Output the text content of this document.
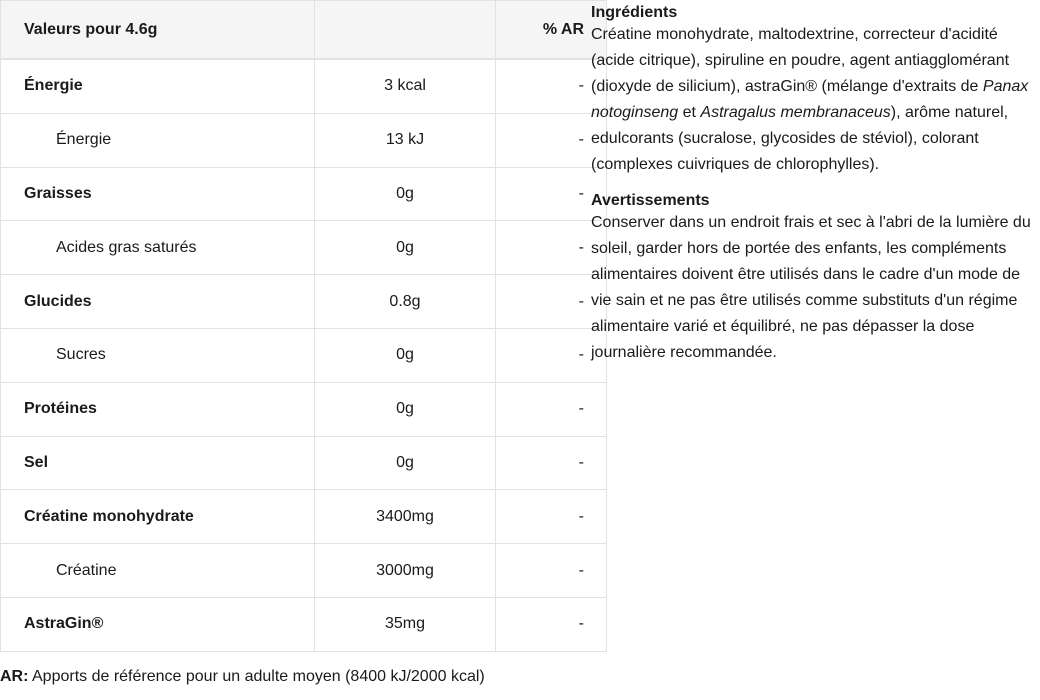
Valeurs pour 4.6g		% AR
Énergie	3 kcal	-
Énergie	13 kJ	-
Graisses	0g	-
Acides gras saturés	0g	-
Glucides	0.8g	-
Sucres	0g	-
Protéines	0g	-
Sel	0g	-
Créatine monohydrate	3400mg	-
Créatine	3000mg	-
AstraGin®	35mg	-
AR: Apports de référence pour un adulte moyen (8400 kJ/2000 kcal)
Ingrédients

Créatine monohydrate, maltodextrine, correcteur d'acidité (acide citrique), spiruline en poudre, agent antiagglomérant (dioxyde de silicium), astraGin® (mélange d'extraits de Panax notoginseng et Astragalus membranaceus), arôme naturel, edulcorants (sucralose, glycosides de stéviol), colorant (complexes cuivriques de chlorophylles).

Avertissements

Conserver dans un endroit frais et sec à l'abri de la lumière du soleil, garder hors de portée des enfants, les compléments alimentaires doivent être utilisés dans le cadre d'un mode de vie sain et ne pas être utilisés comme substituts d'un régime alimentaire varié et équilibré, ne pas dépasser la dose journalière recommandée.
